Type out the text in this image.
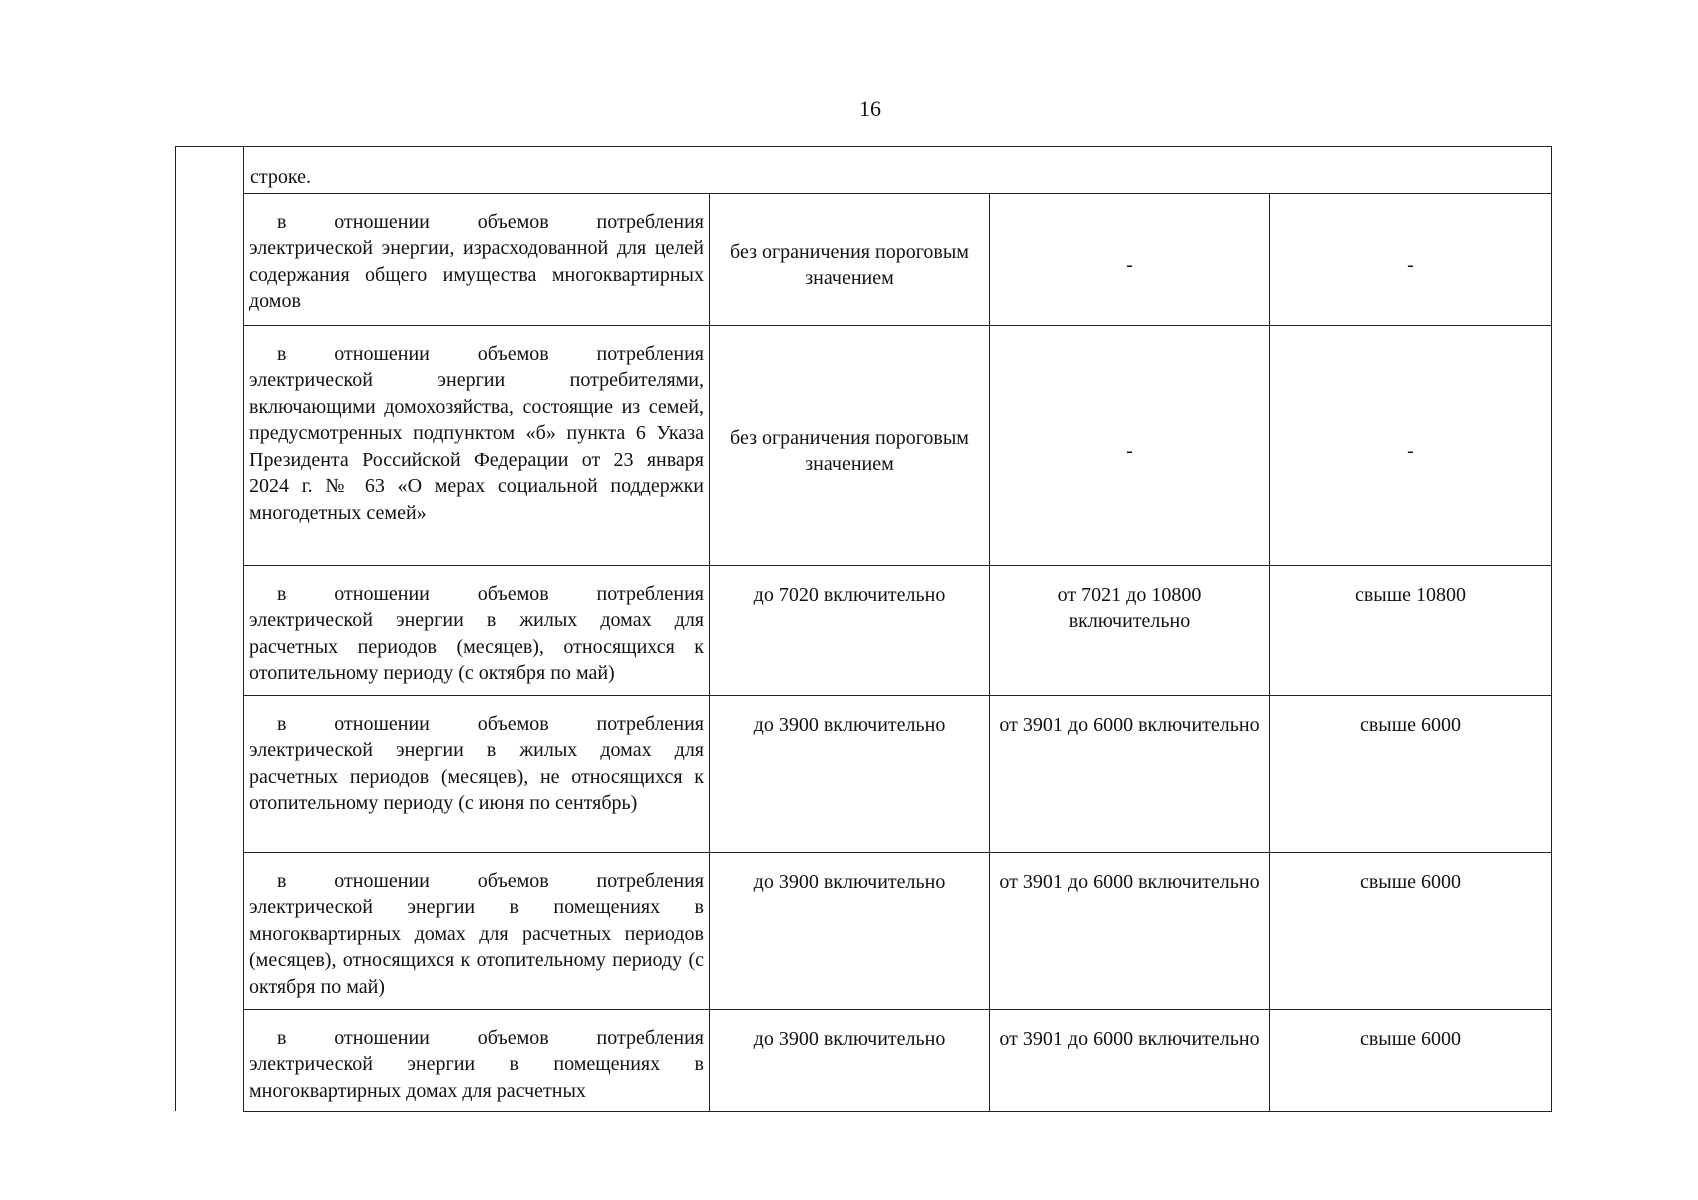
16
	строке.			

	в отношении объемов потребления электрической энергии, израсходованной для целей содержания общего имущества многоквартирных домов	без ограничения пороговым значением	-	-

	в отношении объемов потребления электрической энергии потребителями, включающими домохозяйства, состоящие из семей, предусмотренных подпунктом «б» пункта 6 Указа Президента Российской Федерации от 23 января 2024 г. № 63 «О мерах социальной поддержки многодетных семей»	без ограничения пороговым значением	-	-

	в отношении объемов потребления электрической энергии в жилых домах для расчетных периодов (месяцев), относящихся к отопительному периоду (с октября по май)	до 7020 включительно	от 7021 до 10800 включительно	свыше 10800

	в отношении объемов потребления электрической энергии в жилых домах для расчетных периодов (месяцев), не относящихся к отопительному периоду (с июня по сентябрь)	до 3900 включительно	от 3901 до 6000 включительно	свыше 6000

	в отношении объемов потребления электрической энергии в помещениях в многоквартирных домах для расчетных периодов (месяцев), относящихся к отопительному периоду (с октября по май)	до 3900 включительно	от 3901 до 6000 включительно	свыше 6000

	в отношении объемов потребления электрической энергии в помещениях в многоквартирных домах для расчетных	до 3900 включительно	от 3901 до 6000 включительно	свыше 6000
